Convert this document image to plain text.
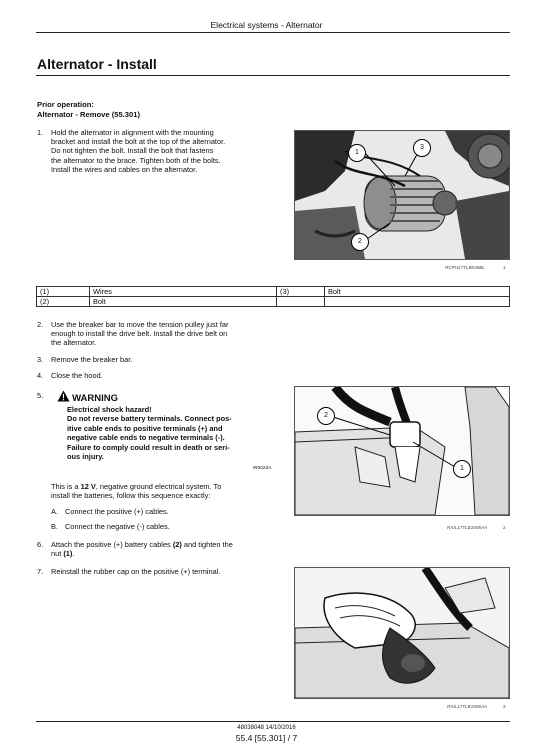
Electrical systems - Alternator
Alternator - Install
Prior operation:
Alternator - Remove (55.301)
1. Hold the alternator in alignment with the mounting
bracket and install the bolt at the top of the alternator.
Do not tighten the bolt. Install the bolt that fastens
the alternator to the brace. Tighten both of the bolts.
Install the wires and cables on the alternator.
1
2
3
RCPH17TLB039BL	1
(1)	Wires	(3)	Bolt
(2)	Bolt		
2. Use the breaker bar to move the tension pulley just far
enough to install the drive belt. Install the drive belt on
the alternator.
3. Remove the breaker bar.
4. Close the hood.
5.	WARNING
Electrical shock hazard!
Do not reverse battery terminals. Connect pos-
itive cable ends to positive terminals (+) and
negative cable ends to negative terminals (-).
Failure to comply could result in death or seri-
ous injury.
W0023A
This is a 12 V, negative ground electrical system. To
install the batteries, follow this sequence exactly:
A. Connect the positive (+) cables.
B. Connect the negative (-) cables.
2
1
RAIL17TLB1505AA	2
6. Attach the positive (+) battery cables (2) and tighten the
nut (1).
7. Reinstall the rubber cap on the positive (+) terminal.
RAIL17TLB1506AA	3
48038048 14/10/2016
55.4 [55.301] / 7
